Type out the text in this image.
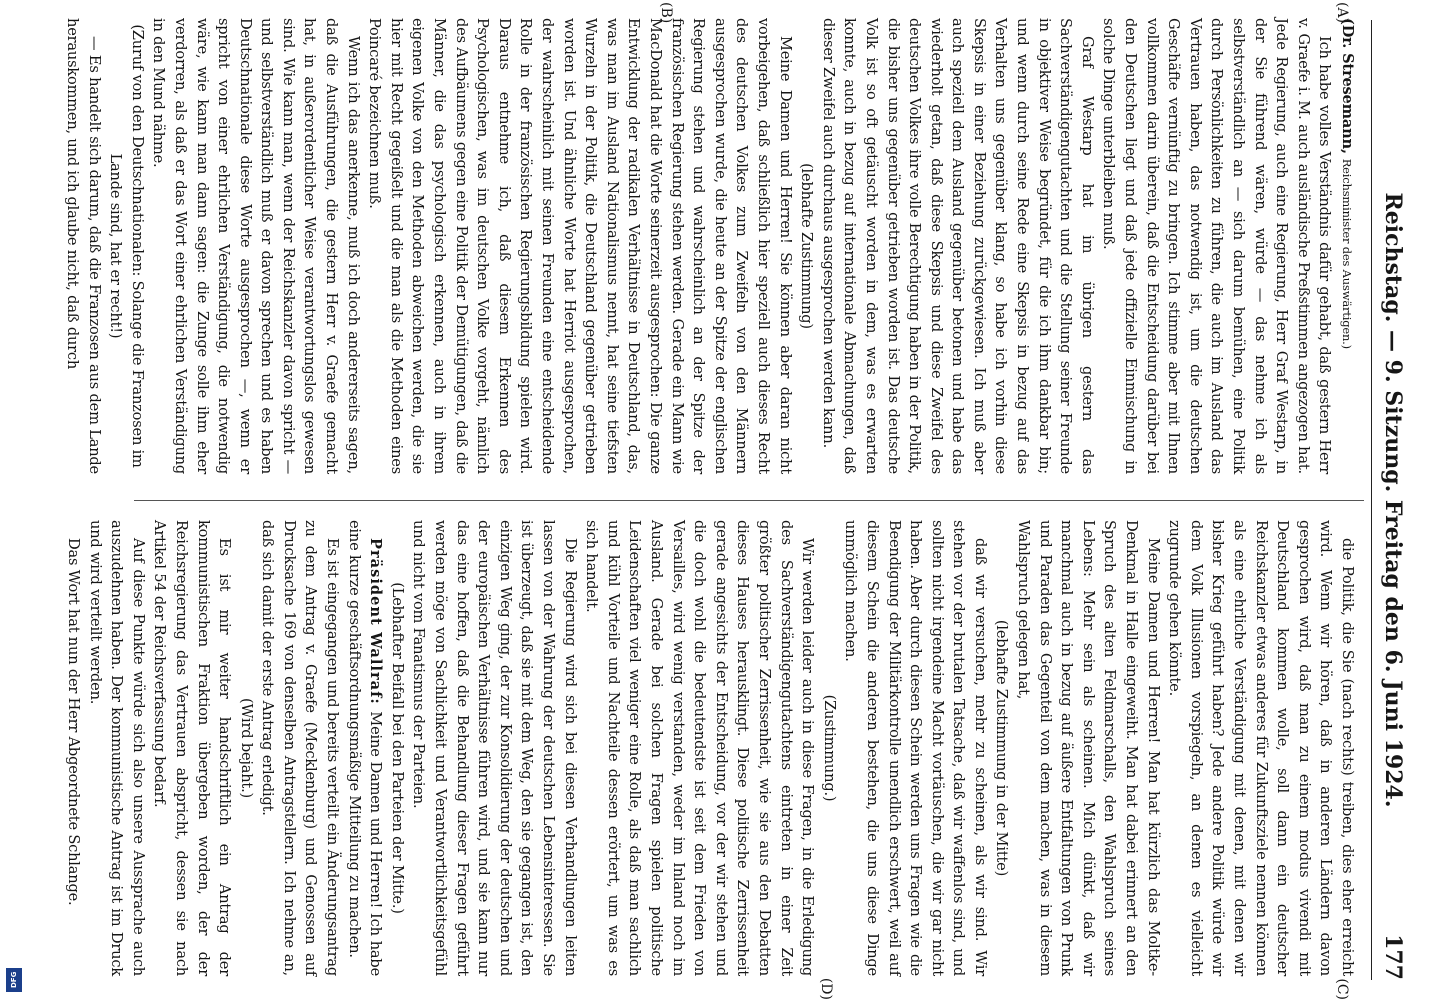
Reichstag. — 9. Sitzung. Freitag den 6. Juni 1924.
177
(A)
(B)
(C)
(D)

(Dr. Stresemann, Reichsminister des Auswärtigen.)

Ich habe volles Verständnis dafür gehabt, daß gestern Herr v. Graefe i. M. auch ausländische Preßstimmen angezogen hat. Jede Regierung, auch eine Regierung, Herr Graf Westarp, in der Sie führend wären, würde — das nehme ich als selbstverständlich an — sich darum bemühen, eine Politik durch Persönlichkeiten zu führen, die auch im Ausland das Vertrauen haben, das notwendig ist, um die deutschen Geschäfte vernünftig zu bringen. Ich stimme aber mit Ihnen vollkommen darin überein, daß die Entscheidung darüber bei den Deutschen liegt und daß jede offizielle Einmischung in solche Dinge unterbleiben muß.

Graf Westarp hat im übrigen gestern das Sachverständigengutachten und die Stellung seiner Freunde in objektiver Weise begründet, für die ich ihm dankbar bin; und wenn durch seine Rede eine Skepsis in bezug auf das Verhalten uns gegenüber klang, so habe ich vorhin diese Skepsis in einer Beziehung zurückgewiesen. Ich muß aber auch speziell dem Ausland gegenüber betonen und habe das wiederholt getan, daß diese Skepsis und diese Zweifel des deutschen Volkes ihre volle Berechtigung haben in der Politik, die bisher uns gegenüber getrieben worden ist. Das deutsche Volk ist so oft getäuscht worden in dem, was es erwarten konnte, auch in bezug auf internationale Abmachungen, daß dieser Zweifel auch durchaus ausgesprochen werden kann.

(lebhafte Zustimmung)

Meine Damen und Herren! Sie können aber daran nicht vorbeigehen, daß schließlich hier speziell auch dieses Recht des deutschen Volkes zum Zweifeln von den Männern ausgesprochen wurde, die heute an der Spitze der englischen Regierung stehen und wahrscheinlich an der Spitze der französischen Regierung stehen werden. Gerade ein Mann wie MacDonald hat die Worte seinerzeit ausgesprochen: Die ganze Entwicklung der radikalen Verhältnisse in Deutschland, das, was man im Ausland Nationalismus nennt, hat seine tiefsten Wurzeln in der Politik, die Deutschland gegenüber getrieben worden ist. Und ähnliche Worte hat Herriot ausgesprochen, der wahrscheinlich mit seinen Freunden eine entscheidende Rolle in der französischen Regierungsbildung spielen wird. Daraus entnehme ich, daß diesem Erkennen des Psychologischen, was im deutschen Volke vorgeht, nämlich des Aufbäumens gegen eine Politik der Demütigungen, daß die Männer, die das psychologisch erkennen, auch in ihrem eigenen Volke von den Methoden abweichen werden, die sie hier mit Recht gegeißelt und die man als die Methoden eines Poincaré bezeichnen muß.

Wenn ich das anerkenne, muß ich doch andererseits sagen, daß die Ausführungen, die gestern Herr v. Graefe gemacht hat, in außerordentlicher Weise verantwortungslos gewesen sind. Wie kann man, wenn der Reichskanzler davon spricht — und selbstverständlich muß er davon sprechen und es haben Deutschnationale diese Worte ausgesprochen —, wenn er spricht von einer ehrlichen Verständigung, die notwendig wäre, wie kann man dann sagen: die Zunge solle ihm eher verdorren, als daß er das Wort einer ehrlichen Verständigung in den Mund nähme.

(Zuruf von den Deutschnationalen: Solange die Franzosen im Lande sind, hat er recht!)

— Es handelt sich darum, daß die Franzosen aus dem Lande herauskommen, und ich glaube nicht, daß durch

die Politik, die Sie (nach rechts) treiben, dies eher erreicht wird. Wenn wir hören, daß in anderen Ländern davon gesprochen wird, daß man zu einem modus vivendi mit Deutschland kommen wolle, soll dann ein deutscher Reichskanzler etwas anderes für Zukunftsziele nennen können als eine ehrliche Verständigung mit denen, mit denen wir bisher Krieg geführt haben? Jede andere Politik würde wir dem Volk Illusionen vorspiegeln, an denen es vielleicht zugrunde gehen könnte.

Meine Damen und Herren! Man hat kürzlich das Moltke-Denkmal in Halle eingeweiht. Man hat dabei erinnert an den Spruch des alten Feldmarschalls, den Wahlspruch seines Lebens: Mehr sein als scheinen. Mich dünkt, daß wir manchmal auch in bezug auf äußere Entfaltungen von Prunk und Paraden das Gegenteil von dem machen, was in diesem Wahlspruch gelegen hat,

(lebhafte Zustimmung in der Mitte)

daß wir versuchen, mehr zu scheinen, als wir sind. Wir stehen vor der brutalen Tatsache, daß wir waffenlos sind, und sollten nicht irgendeine Macht vortäuschen, die wir gar nicht haben. Aber durch diesen Schein werden uns Fragen wie die Beendigung der Militärkontrolle unendlich erschwert, weil auf diesem Schein die anderen bestehen, die uns diese Dinge unmöglich machen.

(Zustimmung.)

Wir werden leider auch in diese Fragen, in die Erledigung des Sachverständigengutachtens eintreten in einer Zeit größter politischer Zerrissenheit, wie sie aus den Debatten dieses Hauses herausklingt. Diese politische Zerrissenheit gerade angesichts der Entscheidung, vor der wir stehen und die doch wohl die bedeutendste ist seit dem Frieden von Versailles, wird wenig verstanden, weder im Inland noch im Ausland. Gerade bei solchen Fragen spielen politische Leidenschaften viel weniger eine Rolle, als daß man sachlich und kühl Vorteile und Nachteile dessen erörtert, um was es sich handelt.

Die Regierung wird sich bei diesen Verhandlungen leiten lassen von der Wahrung der deutschen Lebensinteressen. Sie ist überzeugt, daß sie mit dem Weg, den sie gegangen ist, den einzigen Weg ging, der zur Konsolidierung der deutschen und der europäischen Verhältnisse führen wird, und sie kann nur das eine hoffen, daß die Behandlung dieser Fragen geführt werden möge von Sachlichkeit und Verantwortlichkeitsgefühl und nicht vom Fanatismus der Parteien.

(Lebhafter Beifall bei den Parteien der Mitte.)

Präsident Wallraf: Meine Damen und Herren! Ich habe eine kurze geschäftsordnungsmäßige Mitteilung zu machen.

Es ist eingegangen und bereits verteilt ein Änderungsantrag zu dem Antrag v. Graefe (Mecklenburg) und Genossen auf Drucksache 169 von denselben Antragstellern. Ich nehme an, daß sich damit der erste Antrag erledigt.

(Wird bejaht.)

Es ist mir weiter handschriftlich ein Antrag der kommunistischen Fraktion übergeben worden, der der Reichsregierung das Vertrauen abspricht, dessen sie nach Artikel 54 der Reichsverfassung bedarf.

Auf diese Punkte würde sich also unsere Aussprache auch auszudehnen haben. Der kommunistische Antrag ist im Druck und wird verteilt werden.

Das Wort hat nun der Herr Abgeordnete Schlange.

DFG
